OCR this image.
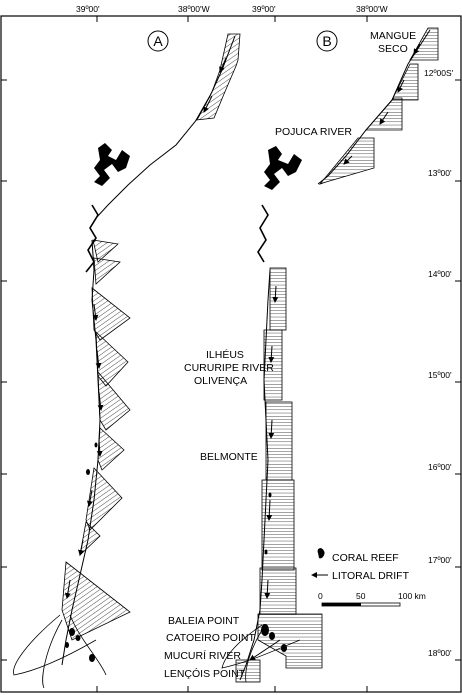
39º00'	38º00'W	39º00'	38º00'W
12º00S'
13º00'
14º00'
15º00'
16º00'
17º00'
18º00'
A	B	MANGUE
SECO
POJUCA RIVER
ILHÉUS
CURURIPE RIVER
OLIVENÇA
BELMONTE
BALEIA POINT
CATOEIRO POINT
MUCURÍ RIVER
LENÇÓIS POINT
CORAL REEF
LITORAL DRIFT
0	50	100 km
